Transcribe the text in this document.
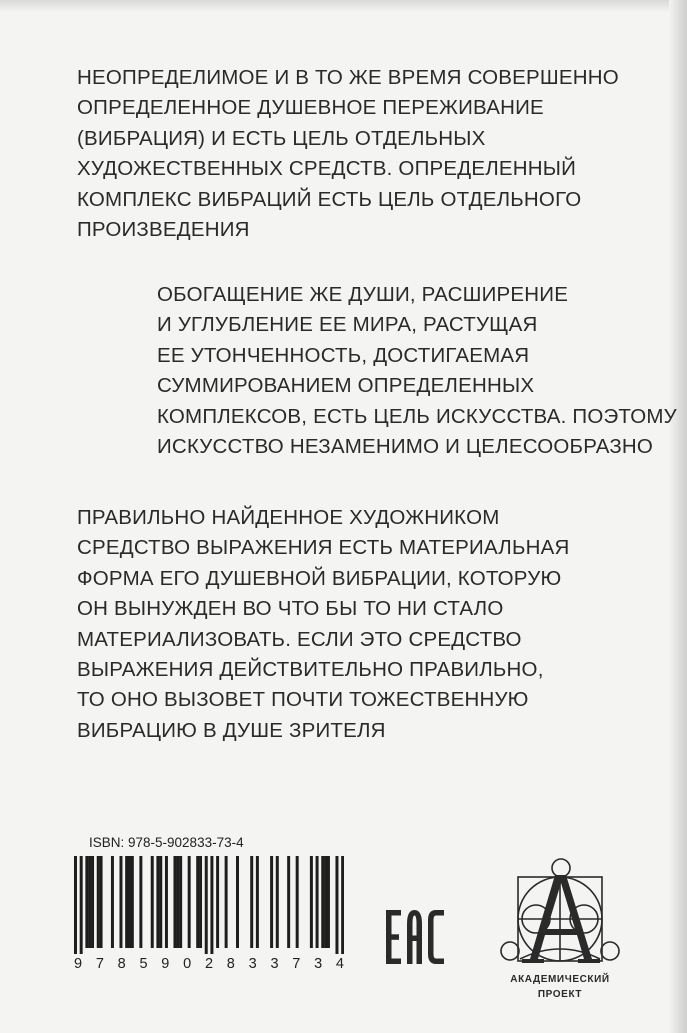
НЕОПРЕДЕЛИМОЕ И В ТО ЖЕ ВРЕМЯ СОВЕРШЕННО
ОПРЕДЕЛЕННОЕ ДУШЕВНОЕ ПЕРЕЖИВАНИЕ
(ВИБРАЦИЯ) И ЕСТЬ ЦЕЛЬ ОТДЕЛЬНЫХ
ХУДОЖЕСТВЕННЫХ СРЕДСТВ. ОПРЕДЕЛЕННЫЙ
КОМПЛЕКС ВИБРАЦИЙ ЕСТЬ ЦЕЛЬ ОТДЕЛЬНОГО
ПРОИЗВЕДЕНИЯ
ОБОГАЩЕНИЕ ЖЕ ДУШИ, РАСШИРЕНИЕ
И УГЛУБЛЕНИЕ ЕЕ МИРА, РАСТУЩАЯ
ЕЕ УТОНЧЕННОСТЬ, ДОСТИГАЕМАЯ
СУММИРОВАНИЕМ ОПРЕДЕЛЕННЫХ
КОМПЛЕКСОВ, ЕСТЬ ЦЕЛЬ ИСКУССТВА. ПОЭТОМУ
ИСКУССТВО НЕЗАМЕНИМО И ЦЕЛЕСООБРАЗНО
ПРАВИЛЬНО НАЙДЕННОЕ ХУДОЖНИКОМ
СРЕДСТВО ВЫРАЖЕНИЯ ЕСТЬ МАТЕРИАЛЬНАЯ
ФОРМА ЕГО ДУШЕВНОЙ ВИБРАЦИИ, КОТОРУЮ
ОН ВЫНУЖДЕН ВО ЧТО БЫ ТО НИ СТАЛО
МАТЕРИАЛИЗОВАТЬ. ЕСЛИ ЭТО СРЕДСТВО
ВЫРАЖЕНИЯ ДЕЙСТВИТЕЛЬНО ПРАВИЛЬНО,
ТО ОНО ВЫЗОВЕТ ПОЧТИ ТОЖЕСТВЕННУЮ
ВИБРАЦИЮ В ДУШЕ ЗРИТЕЛЯ
ISBN: 978-5-902833-73-4
9785902833734
АКАДЕМИЧЕСКИЙ
ПРОЕКТ
